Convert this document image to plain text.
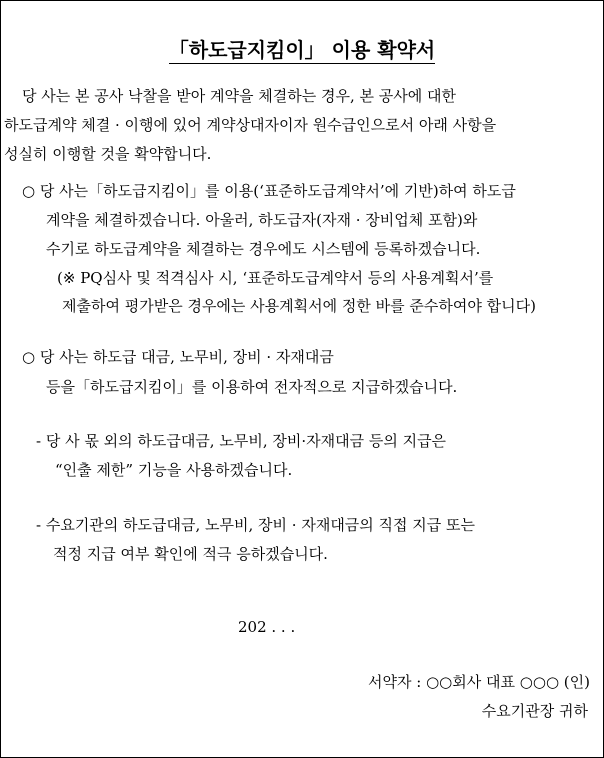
「하도급지킴이」 이용 확약서
당 사는 본 공사 낙찰을 받아 계약을 체결하는 경우, 본 공사에 대한
하도급계약 체결 · 이행에 있어 계약상대자이자 원수급인으로서 아래 사항을
성실히 이행할 것을 확약합니다.
○ 당 사는「하도급지킴이」를 이용(‘표준하도급계약서’에 기반)하여 하도급
계약을 체결하겠습니다. 아울러, 하도급자(자재 · 장비업체 포함)와
수기로 하도급계약을 체결하는 경우에도 시스템에 등록하겠습니다.
(※ PQ심사 및 적격심사 시, ‘표준하도급계약서 등의 사용계획서’를
제출하여 평가받은 경우에는 사용계획서에 정한 바를 준수하여야 합니다)
○ 당 사는 하도급 대금, 노무비, 장비 · 자재대금
등을「하도급지킴이」를 이용하여 전자적으로 지급하겠습니다.
- 당 사 몫 외의 하도급대금, 노무비, 장비·자재대금 등의 지급은
“인출 제한” 기능을 사용하겠습니다.
- 수요기관의 하도급대금, 노무비, 장비 · 자재대금의 직접 지급 또는
적정 지급 여부 확인에 적극 응하겠습니다.
202 . . .
서약자 : ○○회사 대표 ○○○ (인)
수요기관장 귀하
